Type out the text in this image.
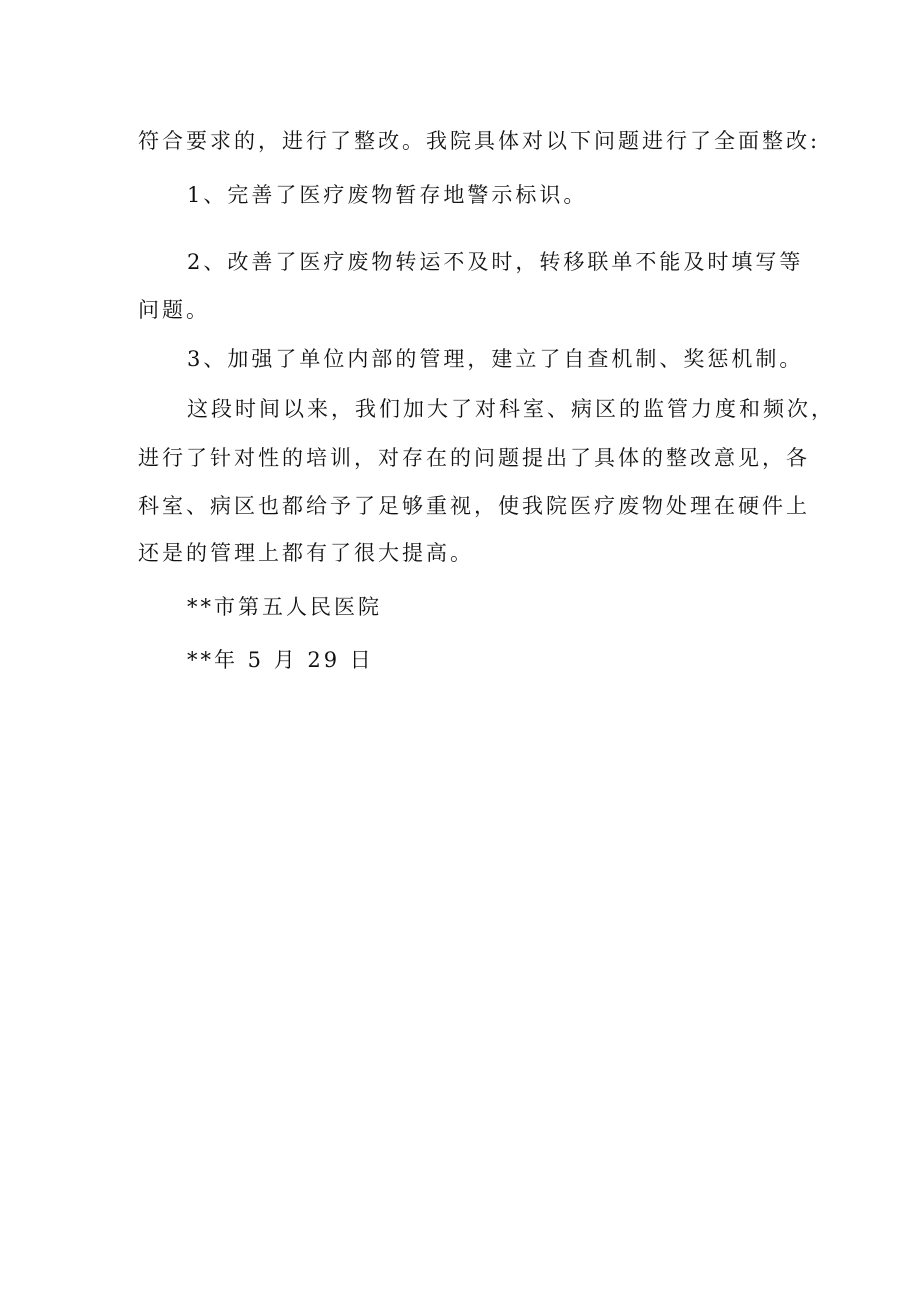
符合要求的，进行了整改。我院具体对以下问题进行了全面整改:
1、完善了医疗废物暂存地警示标识。
2、改善了医疗废物转运不及时，转移联单不能及时填写等
问题。
3、加强了单位内部的管理，建立了自查机制、奖惩机制。
这段时间以来，我们加大了对科室、病区的监管力度和频次，
进行了针对性的培训，对存在的问题提出了具体的整改意见，各
科室、病区也都给予了足够重视，使我院医疗废物处理在硬件上
还是的管理上都有了很大提高。
**市第五人民医院
**年 5 月 29 日
